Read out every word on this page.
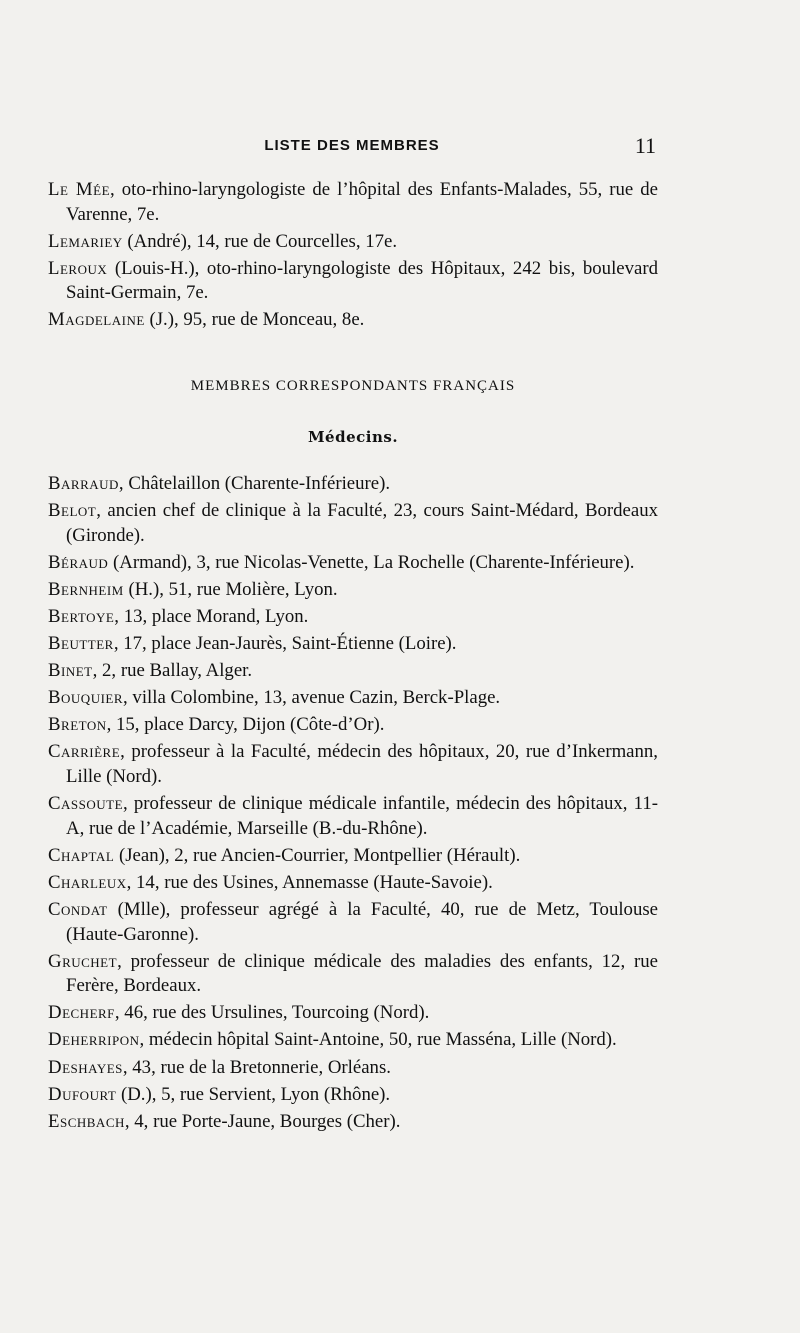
LISTE DES MEMBRES	11

Le Mée, oto-rhino-laryngologiste de l’hôpital des Enfants-Malades, 55, rue de Varenne, 7e.

Lemariey (André), 14, rue de Courcelles, 17e.

Leroux (Louis-H.), oto-rhino-laryngologiste des Hôpitaux, 242 bis, boulevard Saint-Germain, 7e.

Magdelaine (J.), 95, rue de Monceau, 8e.

MEMBRES CORRESPONDANTS FRANÇAIS
Médecins.

Barraud, Châtelaillon (Charente-Inférieure).

Belot, ancien chef de clinique à la Faculté, 23, cours Saint-Médard, Bordeaux (Gironde).

Béraud (Armand), 3, rue Nicolas-Venette, La Rochelle (Charente-Inférieure).

Bernheim (H.), 51, rue Molière, Lyon.

Bertoye, 13, place Morand, Lyon.

Beutter, 17, place Jean-Jaurès, Saint-Étienne (Loire).

Binet, 2, rue Ballay, Alger.

Bouquier, villa Colombine, 13, avenue Cazin, Berck-Plage.

Breton, 15, place Darcy, Dijon (Côte-d’Or).

Carrière, professeur à la Faculté, médecin des hôpitaux, 20, rue d’Inkermann, Lille (Nord).

Cassoute, professeur de clinique médicale infantile, médecin des hôpitaux, 11-A, rue de l’Académie, Marseille (B.-du-Rhône).

Chaptal (Jean), 2, rue Ancien-Courrier, Montpellier (Hérault).

Charleux, 14, rue des Usines, Annemasse (Haute-Savoie).

Condat (Mlle), professeur agrégé à la Faculté, 40, rue de Metz, Toulouse (Haute-Garonne).

Gruchet, professeur de clinique médicale des maladies des enfants, 12, rue Ferère, Bordeaux.

Decherf, 46, rue des Ursulines, Tourcoing (Nord).

Deherripon, médecin hôpital Saint-Antoine, 50, rue Masséna, Lille (Nord).

Deshayes, 43, rue de la Bretonnerie, Orléans.

Dufourt (D.), 5, rue Servient, Lyon (Rhône).

Eschbach, 4, rue Porte-Jaune, Bourges (Cher).
